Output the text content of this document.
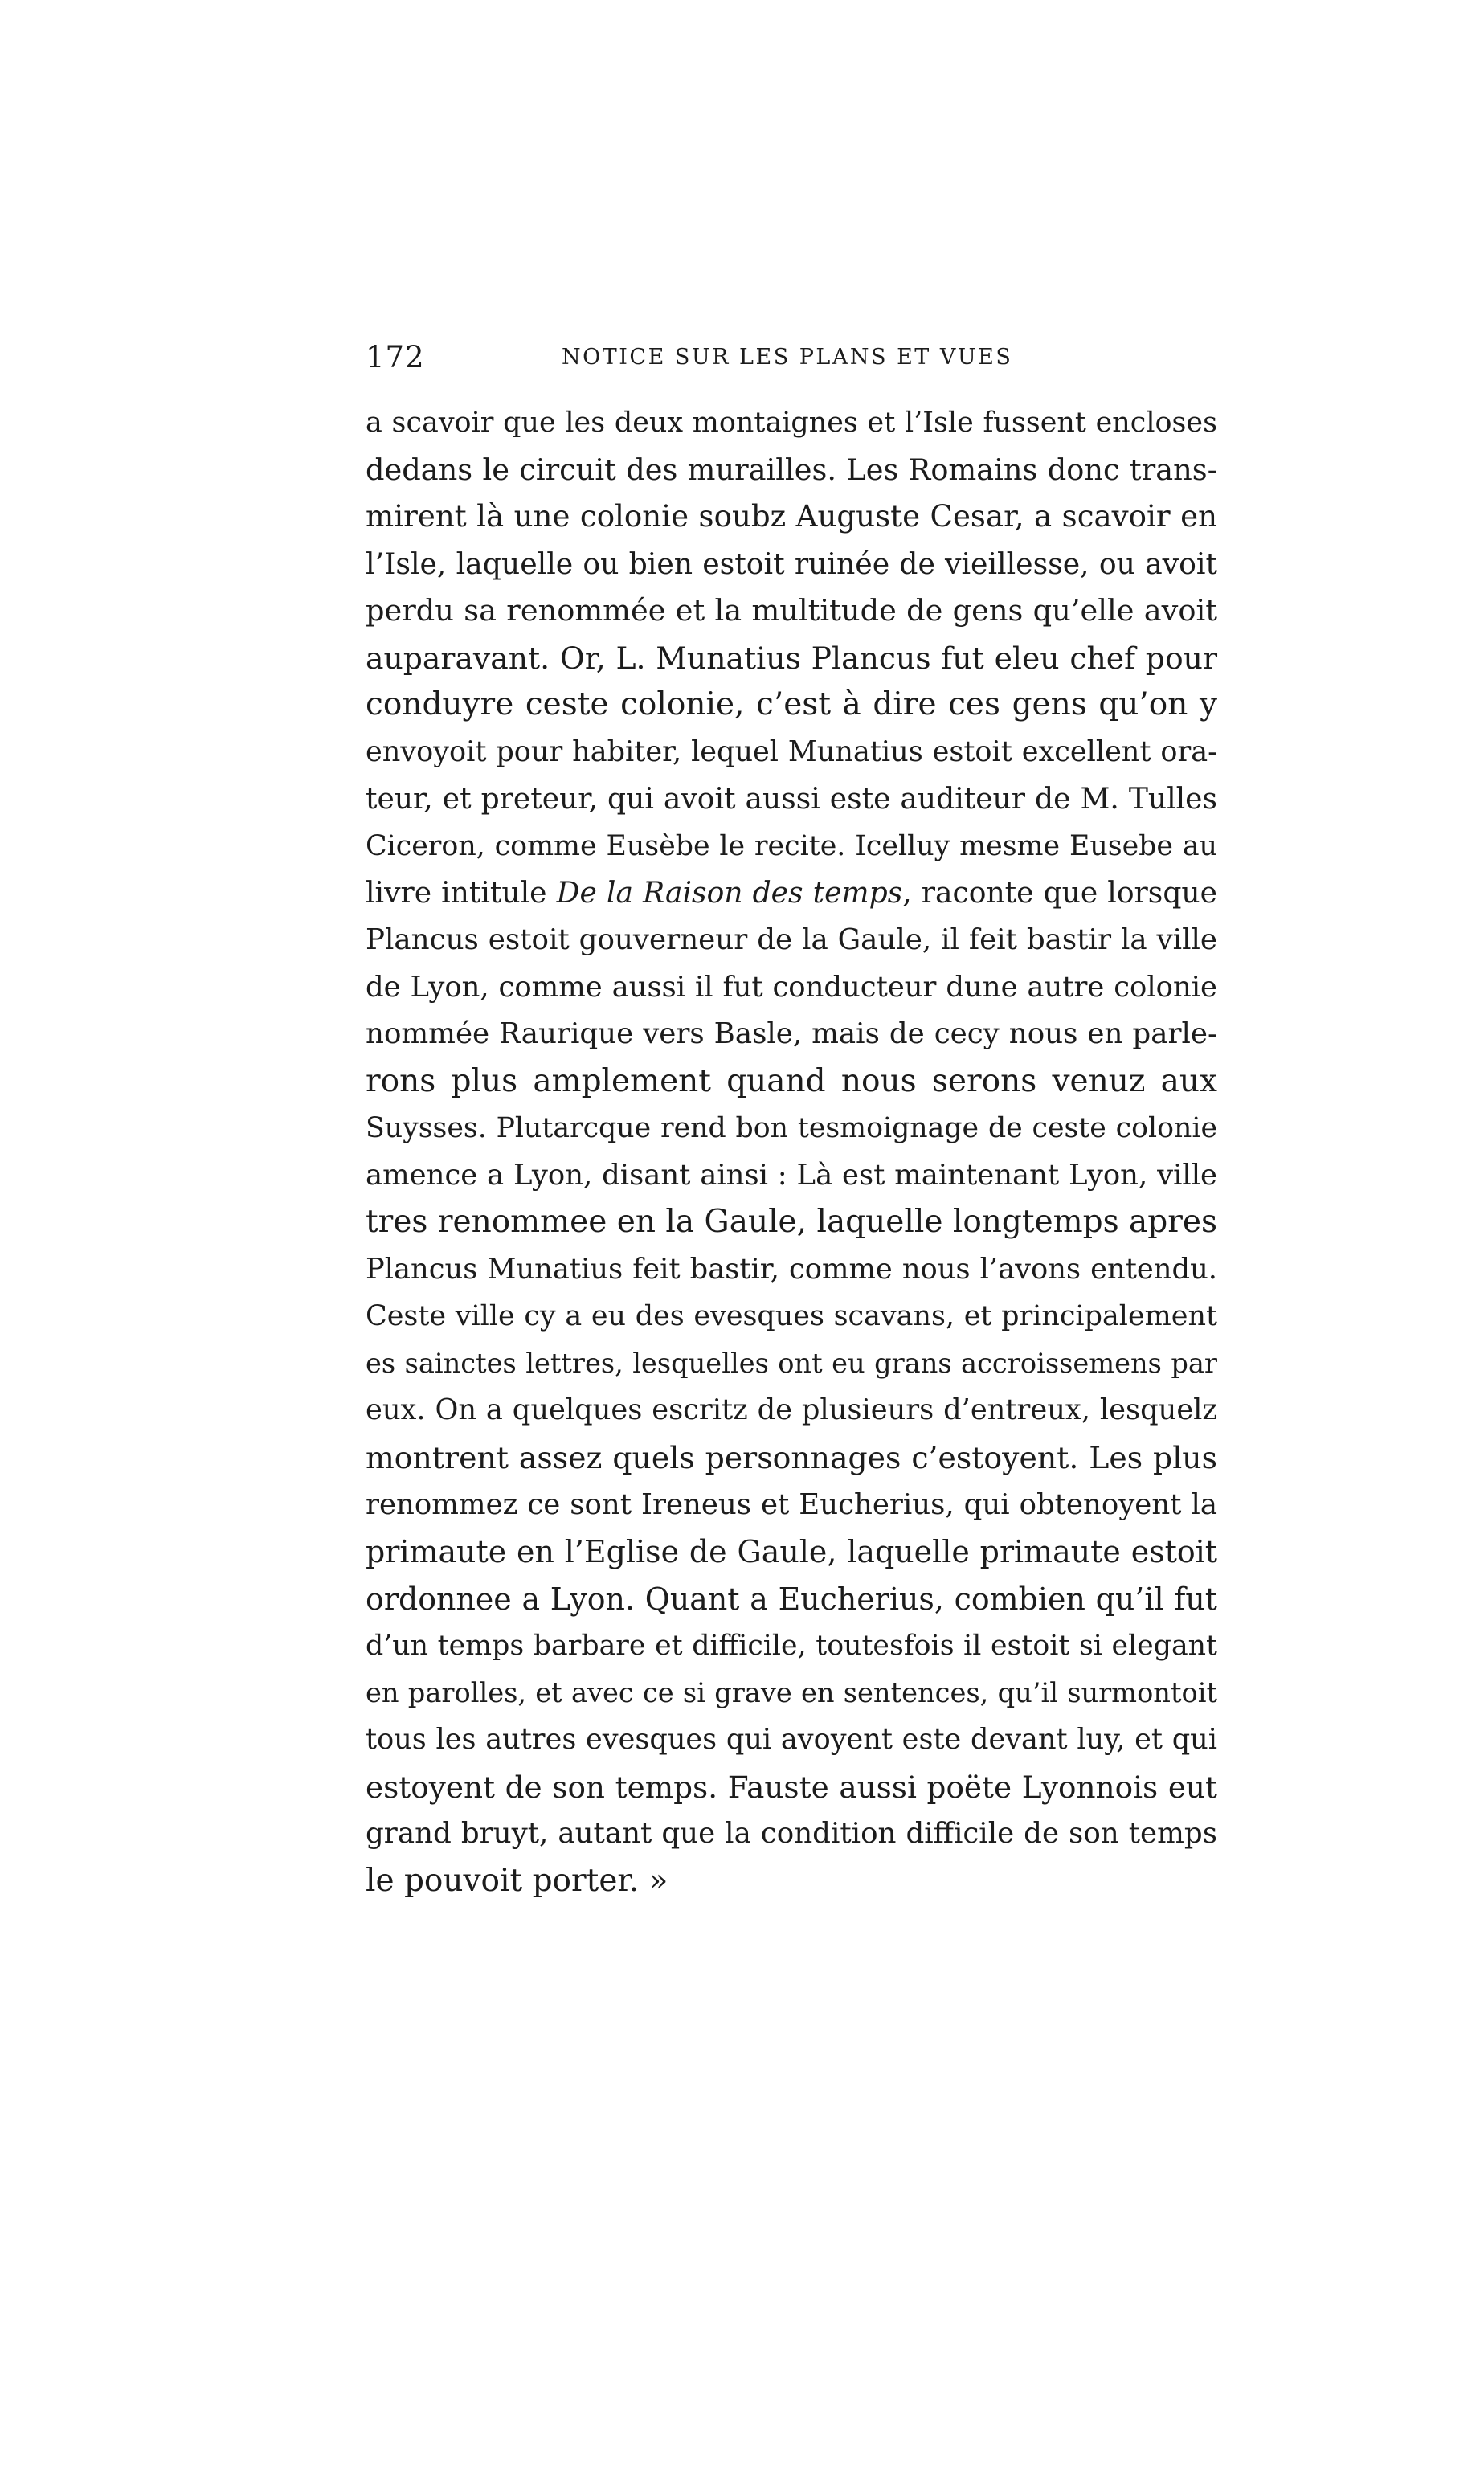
172	NOTICE SUR LES PLANS ET VUES
a scavoir que les deux montaignes et l’Isle fussent encloses
dedans le circuit des murailles. Les Romains donc trans-
mirent là une colonie soubz Auguste Cesar, a scavoir en
l’Isle, laquelle ou bien estoit ruinée de vieillesse, ou avoit
perdu sa renommée et la multitude de gens qu’elle avoit
auparavant. Or, L. Munatius Plancus fut eleu chef pour
conduyre ceste colonie, c’est à dire ces gens qu’on y
envoyoit pour habiter, lequel Munatius estoit excellent ora-
teur, et preteur, qui avoit aussi este auditeur de M. Tulles
Ciceron, comme Eusèbe le recite. Icelluy mesme Eusebe au
livre intitule De la Raison des temps, raconte que lorsque
Plancus estoit gouverneur de la Gaule, il feit bastir la ville
de Lyon, comme aussi il fut conducteur dune autre colonie
nommée Raurique vers Basle, mais de cecy nous en parle-
rons plus amplement quand nous serons venuz aux
Suysses. Plutarcque rend bon tesmoignage de ceste colonie
amence a Lyon, disant ainsi : Là est maintenant Lyon, ville
tres renommee en la Gaule, laquelle longtemps apres
Plancus Munatius feit bastir, comme nous l’avons entendu.
Ceste ville cy a eu des evesques scavans, et principalement
es sainctes lettres, lesquelles ont eu grans accroissemens par
eux. On a quelques escritz de plusieurs d’entreux, lesquelz
montrent assez quels personnages c’estoyent. Les plus
renommez ce sont Ireneus et Eucherius, qui obtenoyent la
primaute en l’Eglise de Gaule, laquelle primaute estoit
ordonnee a Lyon. Quant a Eucherius, combien qu’il fut
d’un temps barbare et difficile, toutesfois il estoit si elegant
en parolles, et avec ce si grave en sentences, qu’il surmontoit
tous les autres evesques qui avoyent este devant luy, et qui
estoyent de son temps. Fauste aussi poëte Lyonnois eut
grand bruyt, autant que la condition difficile de son temps
le pouvoit porter. »
